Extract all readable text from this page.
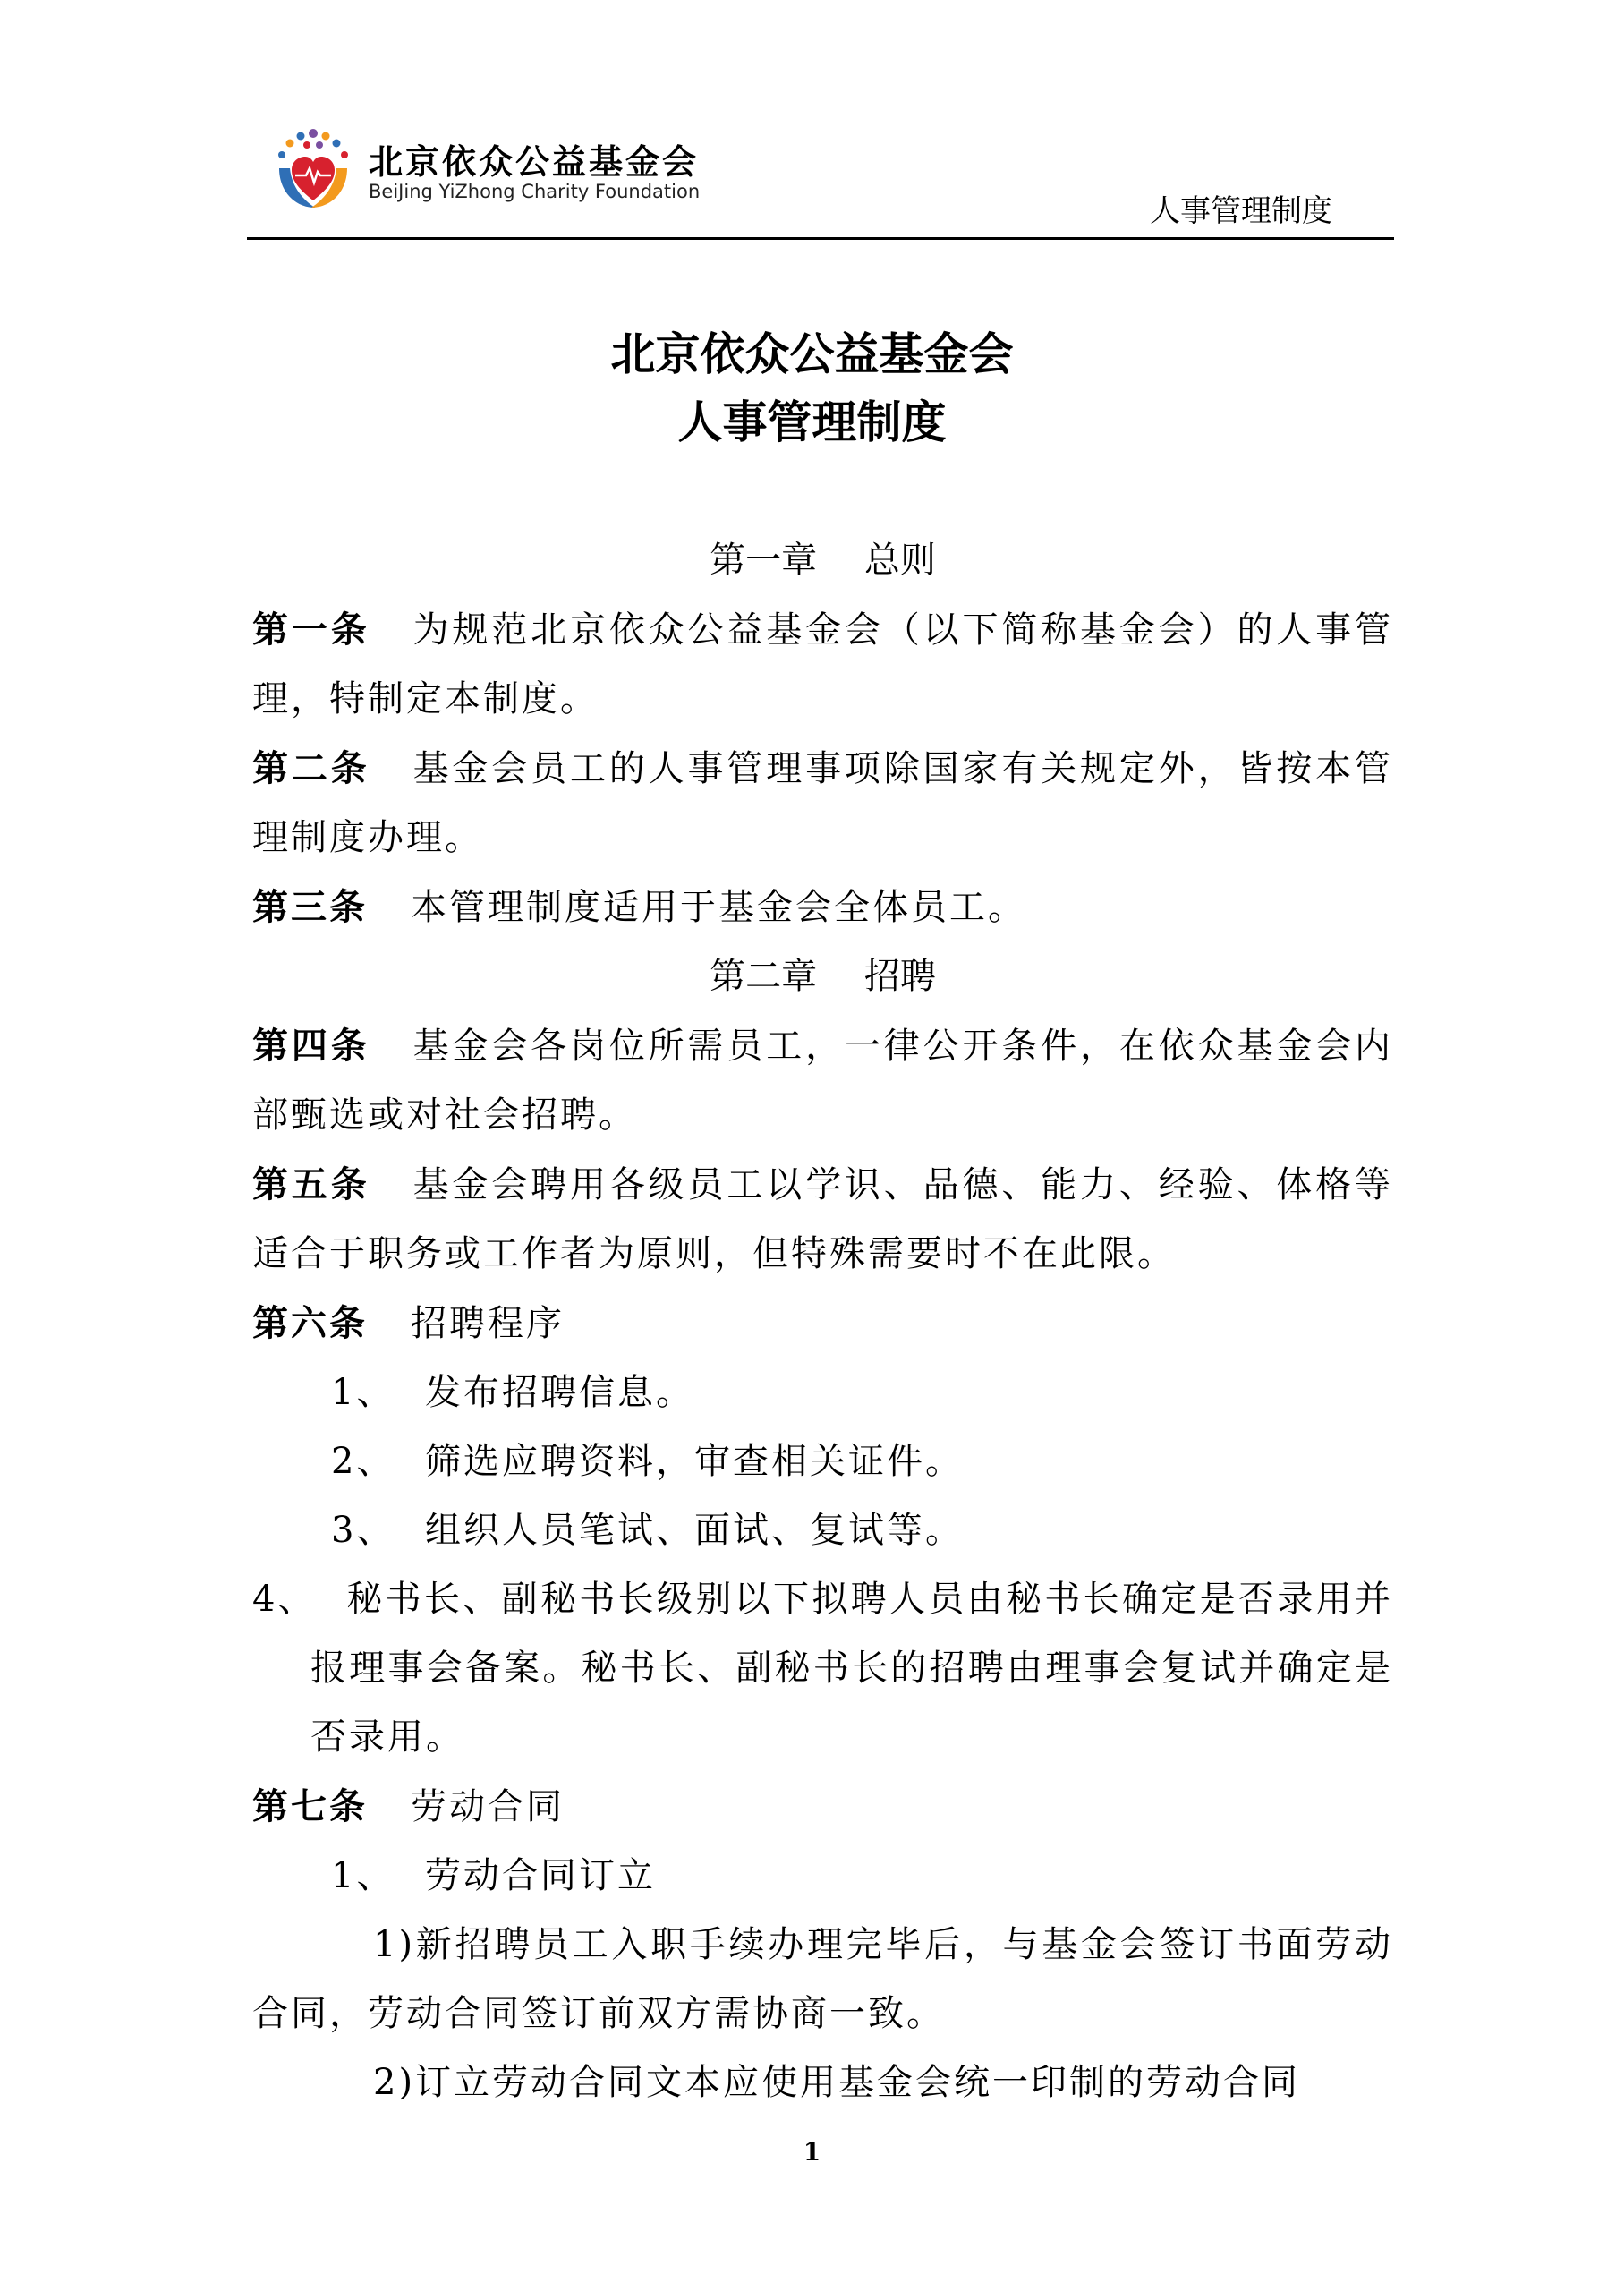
北京依众公益基金会
BeiJing YiZhong Charity Foundation
人事管理制度
北京依众公益基金会
人事管理制度
第一章　 总则
第一条 为规范北京依众公益基金会（以下简称基金会）的人事管理，特制定本制度。
第二条 基金会员工的人事管理事项除国家有关规定外，皆按本管理制度办理。
第三条 本管理制度适用于基金会全体员工。
第二章　 招聘
第四条 基金会各岗位所需员工，一律公开条件，在依众基金会内部甄选或对社会招聘。
第五条 基金会聘用各级员工以学识、品德、能力、经验、体格等适合于职务或工作者为原则，但特殊需要时不在此限。
第六条 招聘程序
1、 发布招聘信息。
2、 筛选应聘资料，审查相关证件。
3、 组织人员笔试、面试、复试等。
4、 秘书长、副秘书长级别以下拟聘人员由秘书长确定是否录用并报理事会备案。秘书长、副秘书长的招聘由理事会复试并确定是否录用。
第七条 劳动合同
1、 劳动合同订立
1)新招聘员工入职手续办理完毕后，与基金会签订书面劳动合同，劳动合同签订前双方需协商一致。
2)订立劳动合同文本应使用基金会统一印制的劳动合同
1
